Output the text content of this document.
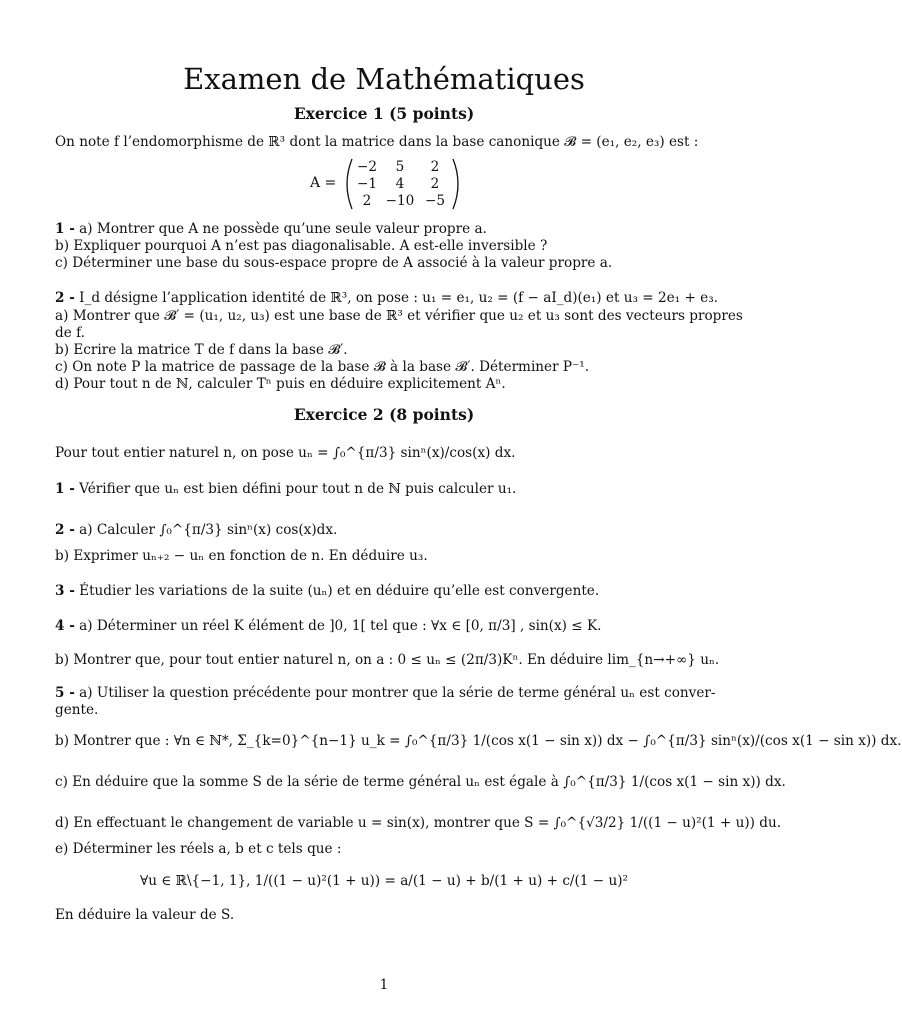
Examen de Mathématiques
Exercice 1 (5 points)
On note f l’endomorphisme de ℝ³ dont la matrice dans la base canonique 𝓑 = (e₁, e₂, e₃) est :
A =
−2	5	2
−1	4	2
2	−10 −5
1 - a) Montrer que A ne possède qu’une seule valeur propre a.
b) Expliquer pourquoi A n’est pas diagonalisable. A est-elle inversible ?
c) Déterminer une base du sous-espace propre de A associé à la valeur propre a.
2 - I_d désigne l’application identité de ℝ³, on pose : u₁ = e₁, u₂ = (f − aI_d)(e₁) et u₃ = 2e₁ + e₃.
a) Montrer que 𝓑′ = (u₁, u₂, u₃) est une base de ℝ³ et vérifier que u₂ et u₃ sont des vecteurs propres
de f.
b) Ecrire la matrice T de f dans la base 𝓑′.
c) On note P la matrice de passage de la base 𝓑 à la base 𝓑′. Déterminer P⁻¹.
d) Pour tout n de ℕ, calculer Tⁿ puis en déduire explicitement Aⁿ.
Exercice 2 (8 points)
Pour tout entier naturel n, on pose uₙ = ∫₀^{π/3} sinⁿ(x)/cos(x) dx.
1 - Vérifier que uₙ est bien défini pour tout n de ℕ puis calculer u₁.
2 - a) Calculer ∫₀^{π/3} sinⁿ(x) cos(x)dx.
b) Exprimer uₙ₊₂ − uₙ en fonction de n. En déduire u₃.
3 - Étudier les variations de la suite (uₙ) et en déduire qu’elle est convergente.
4 - a) Déterminer un réel K élément de ]0, 1[ tel que : ∀x ∈ [0, π/3] , sin(x) ≤ K.
b) Montrer que, pour tout entier naturel n, on a : 0 ≤ uₙ ≤ (2π/3)Kⁿ. En déduire lim_{n→+∞} uₙ.
5 - a) Utiliser la question précédente pour montrer que la série de terme général uₙ est conver-
gente.
b) Montrer que : ∀n ∈ ℕ*, Σ_{k=0}^{n−1} u_k = ∫₀^{π/3} 1/(cos x(1 − sin x)) dx − ∫₀^{π/3} sinⁿ(x)/(cos x(1 − sin x)) dx.
c) En déduire que la somme S de la série de terme général uₙ est égale à ∫₀^{π/3} 1/(cos x(1 − sin x)) dx.
d) En effectuant le changement de variable u = sin(x), montrer que S = ∫₀^{√3/2} 1/((1 − u)²(1 + u)) du.
e) Déterminer les réels a, b et c tels que :
∀u ∈ ℝ\{−1, 1}, 1/((1 − u)²(1 + u)) = a/(1 − u) + b/(1 + u) + c/(1 − u)²
En déduire la valeur de S.
1
